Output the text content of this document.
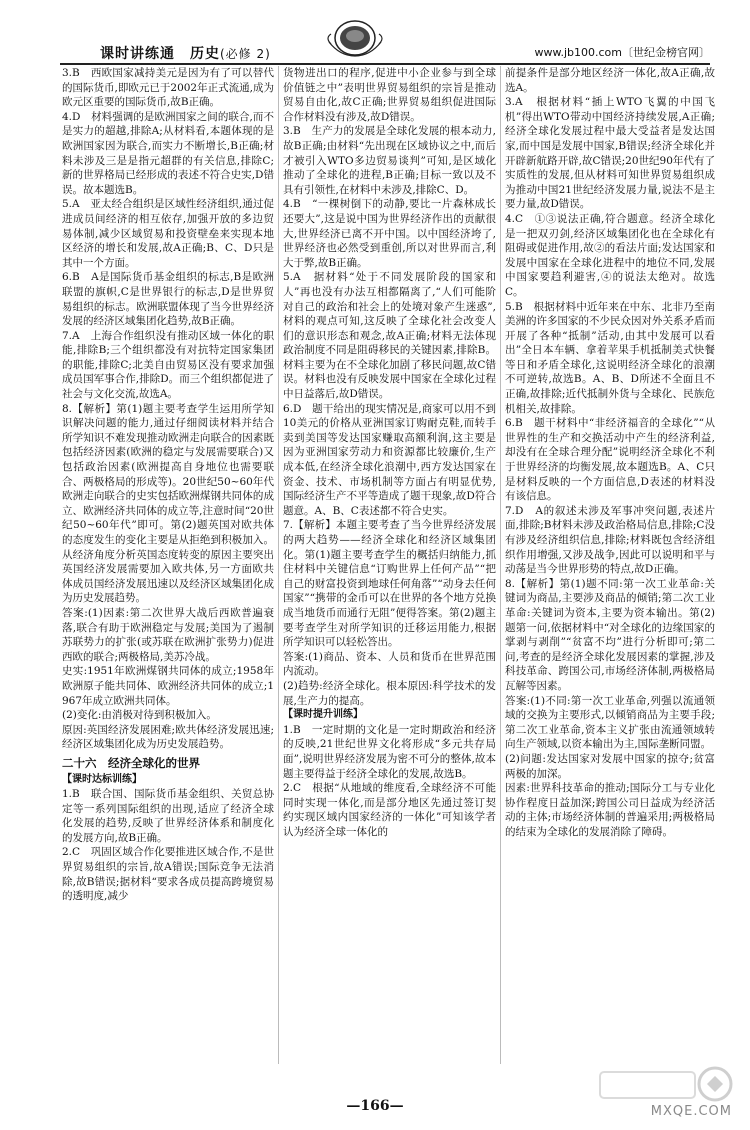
课时讲练通　历史(必修 2)	www.jb100.com〔世纪金榜官网〕

3.B　西欧国家减持美元是因为有了可以替代的国际货币,即欧元已于2002年正式流通,成为欧元区重要的国际货币,故B正确。

4.D　材料强调的是欧洲国家之间的联合,而不是实力的超越,排除A;从材料看,本题体现的是欧洲国家因为联合,而实力不断增长,B正确;材料未涉及三是是指元超群的有关信息,排除C;新的世界格局已经形成的表述不符合史实,D错误。故本题选B。

5.A　亚太经合组织是区域性经济组织,通过促进成员间经济的相互依存,加强开放的多边贸易体制,减少区域贸易和投资壁垒来实现本地区经济的增长和发展,故A正确;B、C、D只是其中一个方面。

6.B　A是国际货币基金组织的标志,B是欧洲联盟的旗帜,C是世界银行的标志,D是世界贸易组织的标志。欧洲联盟体现了当今世界经济发展的经济区域集团化趋势,故B正确。

7.A　上海合作组织没有推动区域一体化的职能,排除B;三个组织都没有对抗特定国家集团的职能,排除C;北美自由贸易区没有要求加强成员国军事合作,排除D。而三个组织都促进了社会与文化交流,故选A。

8.【解析】第(1)题主要考查学生运用所学知识解决问题的能力,通过仔细阅读材料并结合所学知识不难发现推动欧洲走向联合的因素既包括经济因素(欧洲的稳定与发展需要联合)又包括政治因素(欧洲提高自身地位也需要联合、两极格局的形成等)。20世纪50~60年代欧洲走向联合的史实包括欧洲煤钢共同体的成立、欧洲经济共同体的成立等,注意时间“20世纪50~60年代”即可。第(2)题英国对欧共体的态度发生的变化主要是从拒绝到积极加入。从经济角度分析英国态度转变的原因主要突出英国经济发展需要加入欧共体,另一方面欧共体成员国经济发展迅速以及经济区域集团化成为历史发展趋势。

答案:(1)因素:第二次世界大战后西欧普遍衰落,联合有助于欧洲稳定与发展;美国为了遏制苏联势力的扩张(或苏联在欧洲扩张势力)促进西欧的联合;两极格局,美苏冷战。

史实:1951年欧洲煤钢共同体的成立;1958年欧洲原子能共同体、欧洲经济共同体的成立;1967年成立欧洲共同体。

(2)变化:由消极对待到积极加入。

原因:英国经济发展困难;欧共体经济发展迅速;经济区域集团化成为历史发展趋势。

二十六　经济全球化的世界

【课时达标训练】

1.B　联合国、国际货币基金组织、关贸总协定等一系列国际组织的出现,适应了经济全球化发展的趋势,反映了世界经济体系和制度化的发展方向,故B正确。

2.C　巩固区域合作化要推进区域合作,不是世界贸易组织的宗旨,故A错误;国际竞争无法消除,故B错误;据材料“要求各成员提高跨境贸易的透明度,减少

货物进出口的程序,促进中小企业参与到全球价值链之中”表明世界贸易组织的宗旨是推动贸易自由化,故C正确;世界贸易组织促进国际合作材料没有涉及,故D错误。

3.B　生产力的发展是全球化发展的根本动力,故B正确;由材料“先出现在区域协议之中,而后才被引入WTO多边贸易谈判”可知,是区域化推动了全球化的进程,B正确;目标一致以及不具有引领性,在材料中未涉及,排除C、D。

4.B　“一棵树倒下的动静,要比一片森林成长还要大”,这是说中国为世界经济作出的贡献很大,世界经济已离不开中国。以中国经济垮了,世界经济也必然受到重创,所以对世界而言,利大于弊,故B正确。

5.A　据材料“处于不同发展阶段的国家和人”再也没有办法互相都隔离了,“人们可能阶对自己的政治和社会上的处境对象产生迷惑”,材料的观点可知,这反映了全球化社会改变人们的意识形态和观念,故A正确;材料无法体现政治制度不同是阻碍移民的关键因素,排除B。材料主要为在不全球化加剧了移民问题,故C错误。材料也没有反映发展中国家在全球化过程中日益落后,故D错误。

6.D　题干给出的现实情况是,商家可以用不到10美元的价格从亚洲国家订购耐克鞋,而转手卖到美国等发达国家赚取高额利润,这主要是因为亚洲国家劳动力和资源都比较廉价,生产成本低,在经济全球化浪潮中,西方发达国家在资金、技术、市场机制等方面占有明显优势,国际经济生产不平等造成了题干现象,故D符合题意。A、B、C表述都不符合史实。

7.【解析】本题主要考查了当今世界经济发展的两大趋势——经济全球化和经济区域集团化。第(1)题主要考查学生的概括归纳能力,抓住材料中关键信息“订购世界上任何产品”“把自己的财富投资到地球任何角落”“动身去任何国家”“携带的金币可以在世界的各个地方兑换成当地货币而通行无阻”便得答案。第(2)题主要考查学生对所学知识的迁移运用能力,根据所学知识可以轻松答出。

答案:(1)商品、资本、人员和货币在世界范围内流动。

(2)趋势:经济全球化。根本原因:科学技术的发展,生产力的提高。

【课时提升训练】

1.B　一定时期的文化是一定时期政治和经济的反映,21世纪世界文化将形成“多元共存局面”,说明世界经济发展为密不可分的整体,故本题主要得益于经济全球化的发展,故选B。

2.C　根据“从地域的维度看,全球经济不可能同时实现一体化,而是部分地区先通过签订契约实现区域内国家经济的一体化”可知该学者认为经济全球一体化的

前提条件是部分地区经济一体化,故A正确,故选A。

3.A　根据材料“插上WTO飞翼的中国飞机”得出WTO带动中国经济持续发展,A正确;经济全球化发展过程中最大受益者是发达国家,而中国是发展中国家,B错误;经济全球化并开辟新航路开辟,故C错误;20世纪90年代有了实质性的发展,但从材料可知世界贸易组织成为推动中国21世纪经济发展力量,说法不是主要力量,故D错误。

4.C　①③说法正确,符合题意。经济全球化是一把双刃剑,经济区域集团化也在全球化有阻碍或促进作用,故②的看法片面;发达国家和发展中国家在全球化进程中的地位不同,发展中国家要趋利避害,④的说法太绝对。故选C。

5.B　根据材料中近年来在中东、北非乃至南美洲的许多国家的不少民众因对外关系矛盾而开展了各种“抵制”活动,由其中发展可以看出”全日本车辆、拿着苹果手机抵制美式快餐等日和矛盾全球化,这说明经济全球化的浪潮不可逆转,故选B。A、B、D所述不全面且不正确,故排除;近代抵制外货与全球化、民族危机相关,故排除。

6.B　题干材料中“非经济福音的全球化”“从世界性的生产和交换活动中产生的经济利益,却没有在全球合理分配”说明经济全球化不利于世界经济的均衡发展,故本题选B。A、C只是材料反映的一个方面信息,D表述的材料没有该信息。

7.D　A的叙述未涉及军事冲突问题,表述片面,排除;B材料未涉及政治格局信息,排除;C没有涉及经济组织信息,排除;材料既包含经济组织作用增强,又涉及战争,因此可以说明和平与动荡是当今世界形势的特点,故D正确。

8.【解析】第(1)题不同:第一次工业革命:关键词为商品,主要涉及商品的倾销;第二次工业革命:关键词为资本,主要为资本输出。第(2)题第一问,依据材料中“对全球化的边缘国家的掌剥与剥削”“贫富不均”进行分析即可;第二问,考查的是经济全球化发展因素的掌握,涉及科技革命、跨国公司,市场经济体制,两极格局瓦解等因素。

答案:(1)不同:第一次工业革命,列强以流通领域的交换为主要形式,以倾销商品为主要手段;第二次工业革命,资本主义扩张由流通领域转向生产领域,以资本输出为主,国际垄断同盟。

(2)问题:发达国家对发展中国家的掠夺;贫富两极的加深。

因素:世界科技革命的推动;国际分工与专业化协作程度日益加深;跨国公司日益成为经济活动的主体;市场经济体制的普遍采用;两极格局的结束为全球化的发展消除了障碍。

—166—	MXQE.COM
